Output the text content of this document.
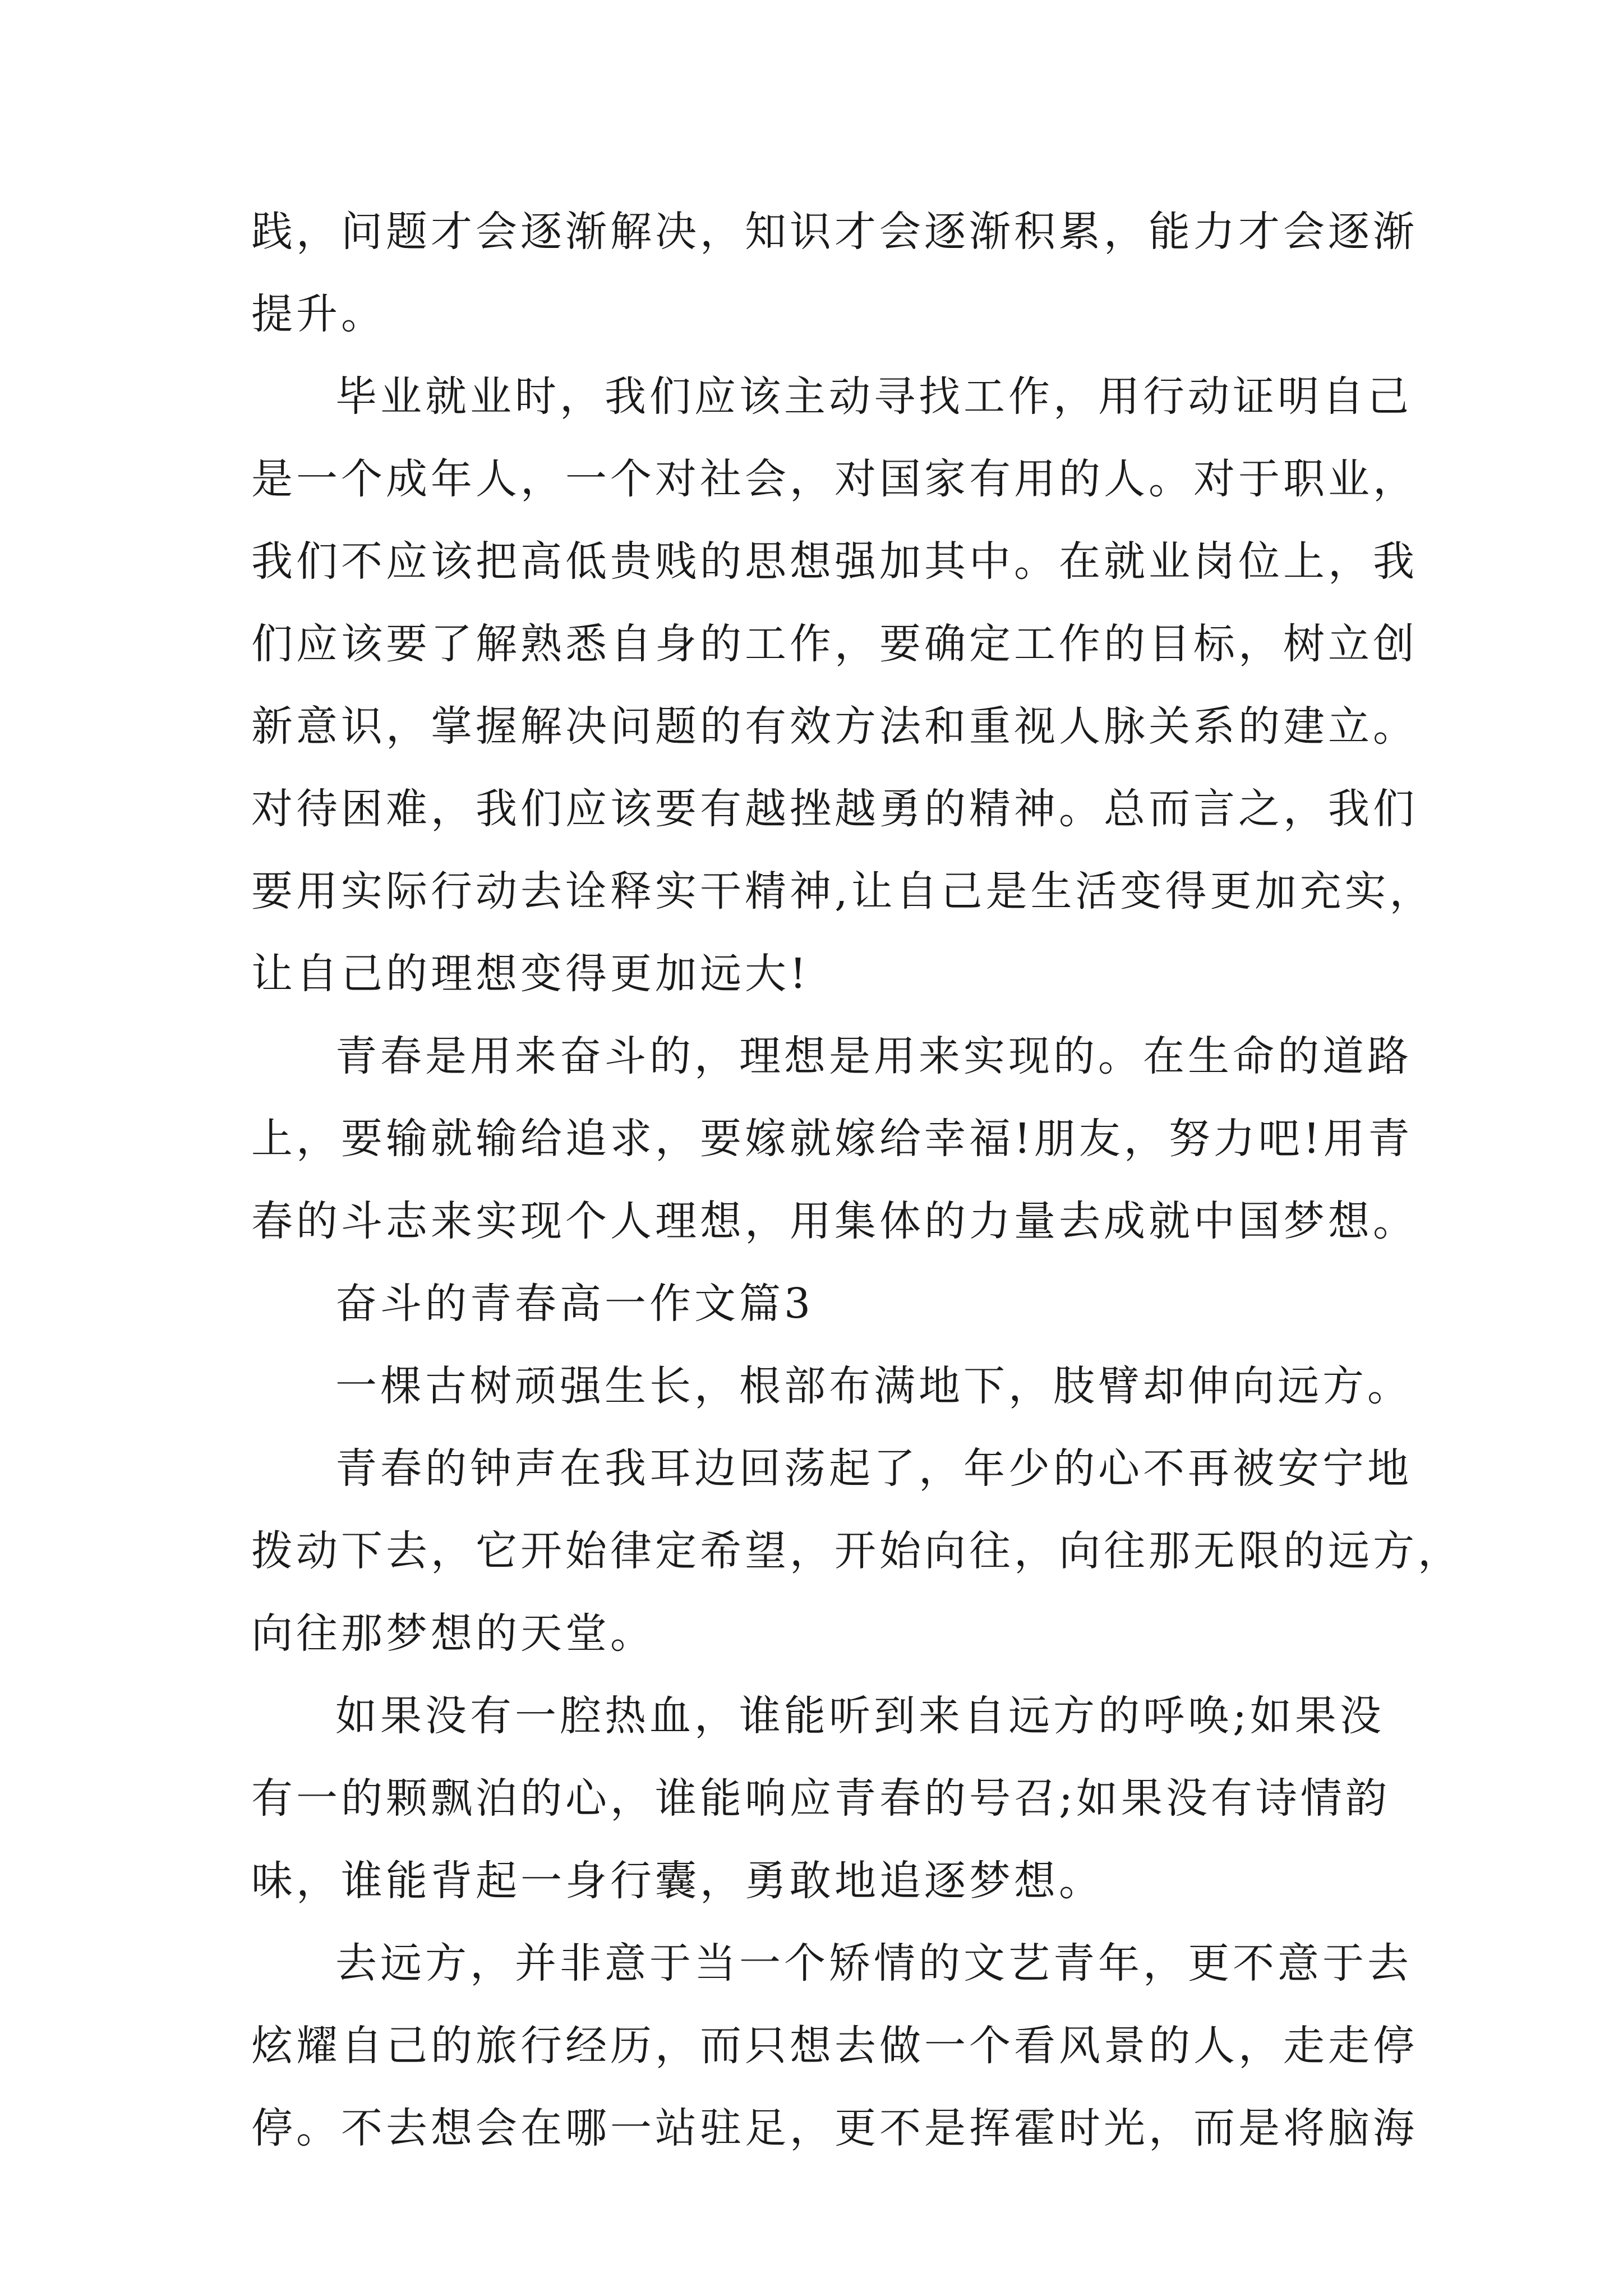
践，问题才会逐渐解决，知识才会逐渐积累，能力才会逐渐
提升。
毕业就业时，我们应该主动寻找工作，用行动证明自己
是一个成年人，一个对社会，对国家有用的人。对于职业，
我们不应该把高低贵贱的思想强加其中。在就业岗位上，我
们应该要了解熟悉自身的工作，要确定工作的目标，树立创
新意识，掌握解决问题的有效方法和重视人脉关系的建立。
对待困难，我们应该要有越挫越勇的精神。总而言之，我们
要用实际行动去诠释实干精神,让自己是生活变得更加充实，
让自己的理想变得更加远大!
青春是用来奋斗的，理想是用来实现的。在生命的道路
上，要输就输给追求，要嫁就嫁给幸福!朋友，努力吧!用青
春的斗志来实现个人理想，用集体的力量去成就中国梦想。
奋斗的青春高一作文篇3
一棵古树顽强生长，根部布满地下，肢臂却伸向远方。
青春的钟声在我耳边回荡起了，年少的心不再被安宁地
拨动下去，它开始律定希望，开始向往，向往那无限的远方，
向往那梦想的天堂。
如果没有一腔热血，谁能听到来自远方的呼唤;如果没
有一的颗飘泊的心，谁能响应青春的号召;如果没有诗情韵
味，谁能背起一身行囊，勇敢地追逐梦想。
去远方，并非意于当一个矫情的文艺青年，更不意于去
炫耀自己的旅行经历，而只想去做一个看风景的人，走走停
停。不去想会在哪一站驻足，更不是挥霍时光，而是将脑海
